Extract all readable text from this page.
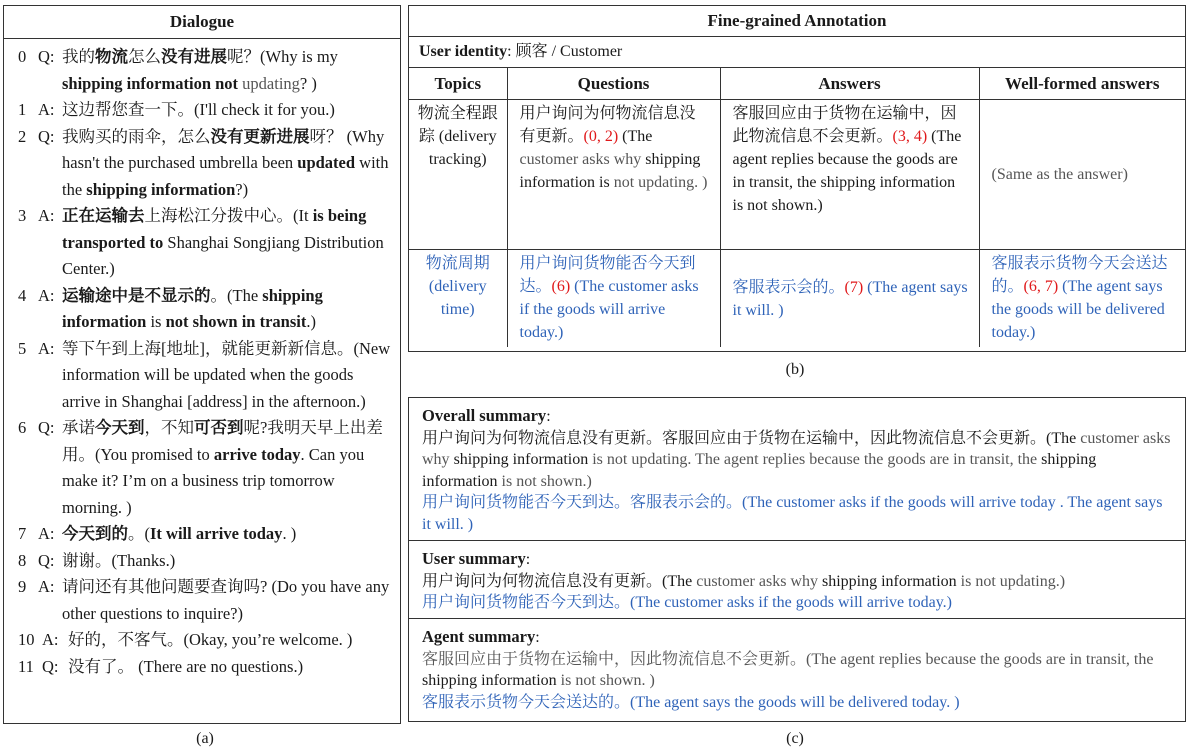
Dialogue
0 Q: 我的物流怎么没有进展呢？(Why is my shipping information not updating? )
1 A: 这边帮您查一下。(I'll check it for you.)
2 Q: 我购买的雨伞，怎么没有更新进展呀？ (Why hasn't the purchased umbrella been updated with the shipping information?)
3 A: 正在运输去上海松江分拨中心。(It is being transported to Shanghai Songjiang Distribution Center.)
4 A: 运输途中是不显示的。(The shipping information is not shown in transit.)
5 A: 等下午到上海[地址]，就能更新新信息。(New information will be updated when the goods arrive in Shanghai [address] in the afternoon.)
6 Q: 承诺今天到，不知可否到呢?我明天早上出差用。(You promised to arrive today. Can you make it? I’m on a business trip tomorrow morning. )
7 A: 今天到的。(It will arrive today. )
8 Q: 谢谢。(Thanks.)
9 A: 请问还有其他问题要查询吗? (Do you have any other questions to inquire?)
10 A: 好的，不客气。(Okay, you’re welcome. )
11 Q: 没有了。 (There are no questions.)
(a)
Fine-grained Annotation
User identity: 顾客 / Customer
Topics	Questions	Answers	Well-formed answers
物流全程跟踪 (delivery tracking)	用户询问为何物流信息没有更新。(0, 2) (The customer asks why shipping information is not updating. )	客服回应由于货物在运输中，因此物流信息不会更新。(3, 4) (The agent replies because the goods are in transit, the shipping information is not shown.)	(Same as the answer)
物流周期 (delivery time)	用户询问货物能否今天到达。(6) (The customer asks if the goods will arrive today.)	客服表示会的。(7) (The agent says it will. )	客服表示货物今天会送达的。(6, 7) (The agent says the goods will be delivered today.)
(b)
Overall summary:
用户询问为何物流信息没有更新。客服回应由于货物在运输中，因此物流信息不会更新。(The customer asks why shipping information is not updating. The agent replies because the goods are in transit, the shipping information is not shown.)
用户询问货物能否今天到达。客服表示会的。(The customer asks if the goods will arrive today . The agent says it will. )
User summary:
用户询问为何物流信息没有更新。(The customer asks why shipping information is not updating.)
用户询问货物能否今天到达。(The customer asks if the goods will arrive today.)
Agent summary:
客服回应由于货物在运输中，因此物流信息不会更新。(The agent replies because the goods are in transit, the shipping information is not shown. )
客服表示货物今天会送达的。(The agent says the goods will be delivered today. )
(c)
